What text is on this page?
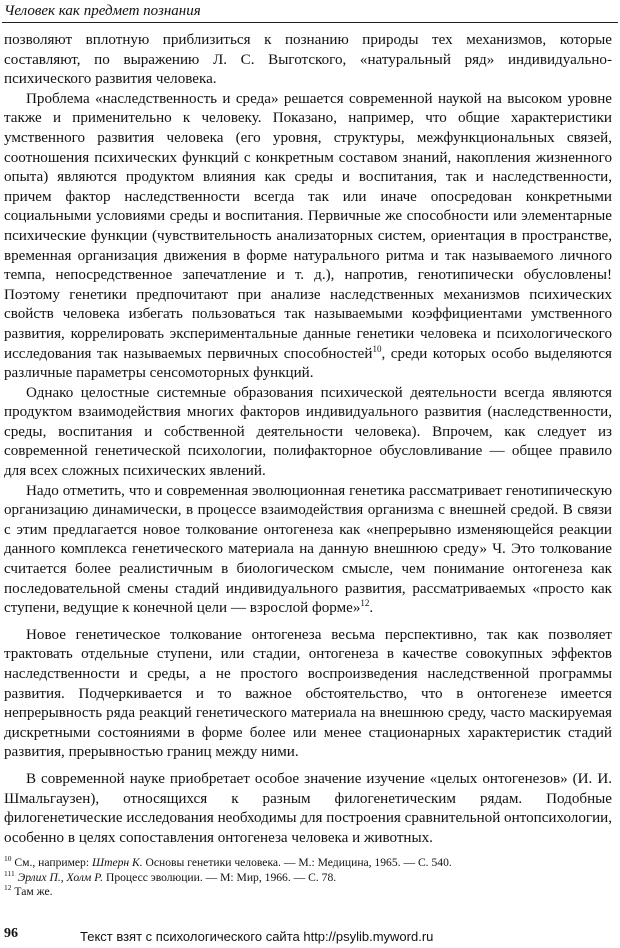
Человек как предмет познания

позволяют вплотную приблизиться к познанию природы тех механизмов, которые составляют, по выражению Л. С. Выготского, «натуральный ряд» индивидуально-психического развития человека.

Проблема «наследственность и среда» решается современной наукой на высоком уровне также и применительно к человеку. Показано, например, что общие характеристики умственного развития человека (его уровня, структуры, межфункциональных связей, соотношения психических функций с конкретным составом знаний, накопления жизненного опыта) являются продуктом влияния как среды и воспитания, так и наследственности, причем фактор наследственности всегда так или иначе опосредован конкретными социальными условиями среды и воспитания. Первичные же способности или элементарные психические функции (чувствительность анализаторных систем, ориентация в пространстве, временная организация движения в форме натурального ритма и так называемого личного темпа, непосредственное запечатление и т. д.), напротив, генотипически обусловлены! Поэтому генетики предпочитают при анализе наследственных механизмов психических свойств человека избегать пользоваться так называемыми коэффициентами умственного развития, коррелировать экспериментальные данные генетики человека и психологического исследования так называемых первичных способностей$^{10}$, среди которых особо выделяются различные параметры сенсомоторных функций.

Однако целостные системные образования психической деятельности всегда являются продуктом взаимодействия многих факторов индивидуального развития (наследственности, среды, воспитания и собственной деятельности человека). Впрочем, как следует из современной генетической психологии, полифакторное обусловливание — общее правило для всех сложных психических явлений.

Надо отметить, что и современная эволюционная генетика рассматривает генотипическую организацию динамически, в процессе взаимодействия организма с внешней средой. В связи с этим предлагается новое толкование онтогенеза как «непрерывно изменяющейся реакции данного комплекса генетического материала на данную внешнюю среду» Ч. Это толкование считается более реалистичным в биологическом смысле, чем понимание онтогенеза как последовательной смены стадий индивидуального развития, рассматриваемых «просто как ступени, ведущие к конечной цели — взрослой форме»$^{12}$.

Новое генетическое толкование онтогенеза весьма перспективно, так как позволяет трактовать отдельные ступени, или стадии, онтогенеза в качестве совокупных эффектов наследственности и среды, а не простого воспроизведения наследственной программы развития. Подчеркивается и то важное обстоятельство, что в онтогенезе имеется непрерывность ряда реакций генетического материала на внешнюю среду, часто маскируемая дискретными состояниями в форме более или менее стационарных характеристик стадий развития, прерывностью границ между ними.

В современной науке приобретает особое значение изучение «целых онтогенезов» (И. И. Шмальгаузен), относящихся к разным филогенетическим рядам. Подобные филогенетические исследования необходимы для построения сравнительной онтопсихологии, особенно в целях сопоставления онтогенеза человека и животных.

$^{10}$ См., например: Штерн К. Основы генетики человека. — М.: Медицина, 1965. — С. 540.
$^{111}$ Эрлих П., Холм Р. Процесс эволюции. — М: Мир, 1966. — С. 78.
$^{12}$ Там же.
96	Текст взят с психологического сайта http://psylib.myword.ru
